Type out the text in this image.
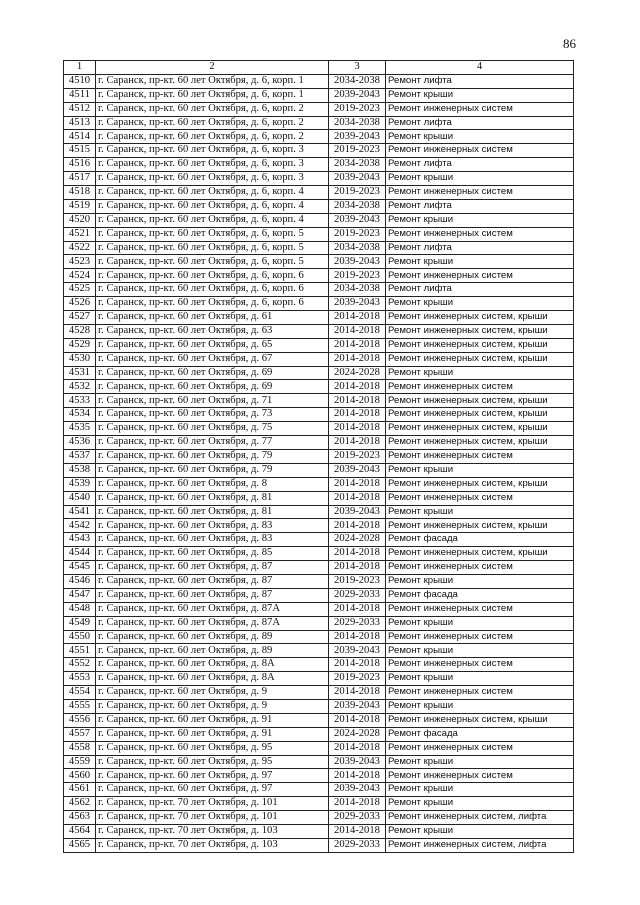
86
1	2	3	4
4510	г. Саранск, пр-кт. 60 лет Октября, д. 6, корп. 1	2034-2038	Ремонт лифта
4511	г. Саранск, пр-кт. 60 лет Октября, д. 6, корп. 1	2039-2043	Ремонт крыши
4512	г. Саранск, пр-кт. 60 лет Октября, д. 6, корп. 2	2019-2023	Ремонт инженерных систем
4513	г. Саранск, пр-кт. 60 лет Октября, д. 6, корп. 2	2034-2038	Ремонт лифта
4514	г. Саранск, пр-кт. 60 лет Октября, д. 6, корп. 2	2039-2043	Ремонт крыши
4515	г. Саранск, пр-кт. 60 лет Октября, д. 6, корп. 3	2019-2023	Ремонт инженерных систем
4516	г. Саранск, пр-кт. 60 лет Октября, д. 6, корп. 3	2034-2038	Ремонт лифта
4517	г. Саранск, пр-кт. 60 лет Октября, д. 6, корп. 3	2039-2043	Ремонт крыши
4518	г. Саранск, пр-кт. 60 лет Октября, д. 6, корп. 4	2019-2023	Ремонт инженерных систем
4519	г. Саранск, пр-кт. 60 лет Октября, д. 6, корп. 4	2034-2038	Ремонт лифта
4520	г. Саранск, пр-кт. 60 лет Октября, д. 6, корп. 4	2039-2043	Ремонт крыши
4521	г. Саранск, пр-кт. 60 лет Октября, д. 6, корп. 5	2019-2023	Ремонт инженерных систем
4522	г. Саранск, пр-кт. 60 лет Октября, д. 6, корп. 5	2034-2038	Ремонт лифта
4523	г. Саранск, пр-кт. 60 лет Октября, д. 6, корп. 5	2039-2043	Ремонт крыши
4524	г. Саранск, пр-кт. 60 лет Октября, д. 6, корп. 6	2019-2023	Ремонт инженерных систем
4525	г. Саранск, пр-кт. 60 лет Октября, д. 6, корп. 6	2034-2038	Ремонт лифта
4526	г. Саранск, пр-кт. 60 лет Октября, д. 6, корп. 6	2039-2043	Ремонт крыши
4527	г. Саранск, пр-кт. 60 лет Октября, д. 61	2014-2018	Ремонт инженерных систем, крыши
4528	г. Саранск, пр-кт. 60 лет Октября, д. 63	2014-2018	Ремонт инженерных систем, крыши
4529	г. Саранск, пр-кт. 60 лет Октября, д. 65	2014-2018	Ремонт инженерных систем, крыши
4530	г. Саранск, пр-кт. 60 лет Октября, д. 67	2014-2018	Ремонт инженерных систем, крыши
4531	г. Саранск, пр-кт. 60 лет Октября, д. 69	2024-2028	Ремонт крыши
4532	г. Саранск, пр-кт. 60 лет Октября, д. 69	2014-2018	Ремонт инженерных систем
4533	г. Саранск, пр-кт. 60 лет Октября, д. 71	2014-2018	Ремонт инженерных систем, крыши
4534	г. Саранск, пр-кт. 60 лет Октября, д. 73	2014-2018	Ремонт инженерных систем, крыши
4535	г. Саранск, пр-кт. 60 лет Октября, д. 75	2014-2018	Ремонт инженерных систем, крыши
4536	г. Саранск, пр-кт. 60 лет Октября, д. 77	2014-2018	Ремонт инженерных систем, крыши
4537	г. Саранск, пр-кт. 60 лет Октября, д. 79	2019-2023	Ремонт инженерных систем
4538	г. Саранск, пр-кт. 60 лет Октября, д. 79	2039-2043	Ремонт крыши
4539	г. Саранск, пр-кт. 60 лет Октября, д. 8	2014-2018	Ремонт инженерных систем, крыши
4540	г. Саранск, пр-кт. 60 лет Октября, д. 81	2014-2018	Ремонт инженерных систем
4541	г. Саранск, пр-кт. 60 лет Октября, д. 81	2039-2043	Ремонт крыши
4542	г. Саранск, пр-кт. 60 лет Октября, д. 83	2014-2018	Ремонт инженерных систем, крыши
4543	г. Саранск, пр-кт. 60 лет Октября, д. 83	2024-2028	Ремонт фасада
4544	г. Саранск, пр-кт. 60 лет Октября, д. 85	2014-2018	Ремонт инженерных систем, крыши
4545	г. Саранск, пр-кт. 60 лет Октября, д. 87	2014-2018	Ремонт инженерных систем
4546	г. Саранск, пр-кт. 60 лет Октября, д. 87	2019-2023	Ремонт крыши
4547	г. Саранск, пр-кт. 60 лет Октября, д. 87	2029-2033	Ремонт фасада
4548	г. Саранск, пр-кт. 60 лет Октября, д. 87А	2014-2018	Ремонт инженерных систем
4549	г. Саранск, пр-кт. 60 лет Октября, д. 87А	2029-2033	Ремонт крыши
4550	г. Саранск, пр-кт. 60 лет Октября, д. 89	2014-2018	Ремонт инженерных систем
4551	г. Саранск, пр-кт. 60 лет Октября, д. 89	2039-2043	Ремонт крыши
4552	г. Саранск, пр-кт. 60 лет Октября, д. 8А	2014-2018	Ремонт инженерных систем
4553	г. Саранск, пр-кт. 60 лет Октября, д. 8А	2019-2023	Ремонт крыши
4554	г. Саранск, пр-кт. 60 лет Октября, д. 9	2014-2018	Ремонт инженерных систем
4555	г. Саранск, пр-кт. 60 лет Октября, д. 9	2039-2043	Ремонт крыши
4556	г. Саранск, пр-кт. 60 лет Октября, д. 91	2014-2018	Ремонт инженерных систем, крыши
4557	г. Саранск, пр-кт. 60 лет Октября, д. 91	2024-2028	Ремонт фасада
4558	г. Саранск, пр-кт. 60 лет Октября, д. 95	2014-2018	Ремонт инженерных систем
4559	г. Саранск, пр-кт. 60 лет Октября, д. 95	2039-2043	Ремонт крыши
4560	г. Саранск, пр-кт. 60 лет Октября, д. 97	2014-2018	Ремонт инженерных систем
4561	г. Саранск, пр-кт. 60 лет Октября, д. 97	2039-2043	Ремонт крыши
4562	г. Саранск, пр-кт. 70 лет Октября, д. 101	2014-2018	Ремонт крыши
4563	г. Саранск, пр-кт. 70 лет Октября, д. 101	2029-2033	Ремонт инженерных систем, лифта
4564	г. Саранск, пр-кт. 70 лет Октября, д. 103	2014-2018	Ремонт крыши
4565	г. Саранск, пр-кт. 70 лет Октября, д. 103	2029-2033	Ремонт инженерных систем, лифта
